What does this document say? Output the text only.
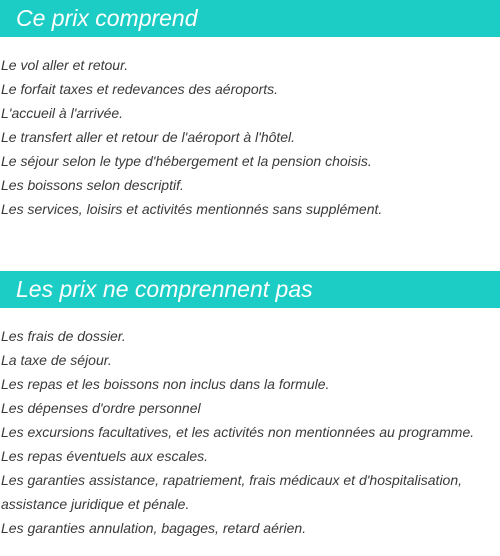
Ce prix comprend
Le vol aller et retour.
Le forfait taxes et redevances des aéroports.
L'accueil à l'arrivée.
Le transfert aller et retour de l'aéroport à l'hôtel.
Le séjour selon le type d'hébergement et la pension choisis.
Les boissons selon descriptif.
Les services, loisirs et activités mentionnés sans supplément.
Les prix ne comprennent pas
Les frais de dossier.
La taxe de séjour.
Les repas et les boissons non inclus dans la formule.
Les dépenses d'ordre personnel
Les excursions facultatives, et les activités non mentionnées au programme.
Les repas éventuels aux escales.
Les garanties assistance, rapatriement, frais médicaux et d'hospitalisation, assistance juridique et pénale.
Les garanties annulation, bagages, retard aérien.
